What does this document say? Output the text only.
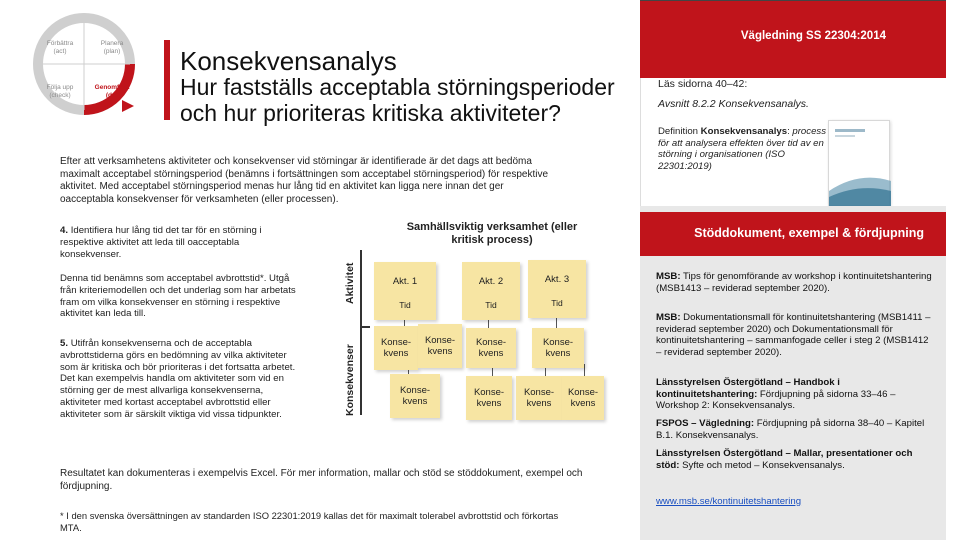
Förbättra (act)
Planera (plan)
Följa upp (check)
Genomföra (do)
Konsekvensanalys
Hur fastställs acceptabla störningsperioder och hur prioriteras kritiska aktiviteter?
Efter att verksamhetens aktiviteter och konsekvenser vid störningar är identifierade är det dags att bedöma maximalt acceptabel störningsperiod (benämns i fortsättningen som acceptabel störningsperiod) för respektive aktivitet. Med acceptabel störningsperiod menas hur lång tid en aktivitet kan ligga nere innan det ger oacceptabla konsekvenser för verksamheten (eller processen).
4. Identifiera hur lång tid det tar för en störning i respektive aktivitet att leda till oacceptabla konsekvenser.
Denna tid benämns som acceptabel avbrottstid*. Utgå från kriteriemodellen och det underlag som har arbetats fram om vilka konsekvenser en störning i respektive aktivitet kan leda till.
5. Utifrån konsekvenserna och de acceptabla avbrottstiderna görs en bedömning av vilka aktiviteter som är kritiska och bör prioriteras i det fortsatta arbetet. Det kan exempelvis handla om aktiviteter som vid en störning ger de mest allvarliga konsekvenserna, aktiviteter med kortast acceptabel avbrottstid eller aktiviteter som är särskilt viktiga vid vissa tidpunkter.
Samhällsviktig verksamhet (eller kritisk process)
Aktivitet
Konsekvenser
Akt. 1
Tid
Akt. 2
Tid
Akt. 3
Tid
Konse-kvens
Konse-kvens
Konse-kvens
Konse-kvens
Konse-kvens
Konse-kvens
Konse-kvens
Konse-kvens
Resultatet kan dokumenteras i exempelvis Excel. För mer information, mallar och stöd se stöddokument, exempel och fördjupning.
* I den svenska översättningen av standarden ISO 22301:2019 kallas det för maximalt tolerabel avbrottstid och förkortas MTA.
Vägledning SS 22304:2014
Läs sidorna 40–42:
Avsnitt 8.2.2 Konsekvensanalys.
Definition Konsekvensanalys: process för att analysera effekten över tid av en störning i organisationen (ISO 22301:2019)
Stöddokument, exempel & fördjupning
MSB: Tips för genomförande av workshop i kontinuitetshantering (MSB1413 – reviderad september 2020).
MSB: Dokumentationsmall för kontinuitetshantering (MSB1411 – reviderad september 2020) och Dokumentationsmall för kontinuitetshantering – sammanfogade celler i steg 2 (MSB1412 – reviderad september 2020).
Länsstyrelsen Östergötland – Handbok i kontinuitetshantering: Fördjupning på sidorna 33–46 – Workshop 2: Konsekvensanalys.
FSPOS – Vägledning: Fördjupning på sidorna 38–40 – Kapitel B.1. Konsekvensanalys.
Länsstyrelsen Östergötland – Mallar, presentationer och stöd: Syfte och metod – Konsekvensanalys.
www.msb.se/kontinuitetshantering
